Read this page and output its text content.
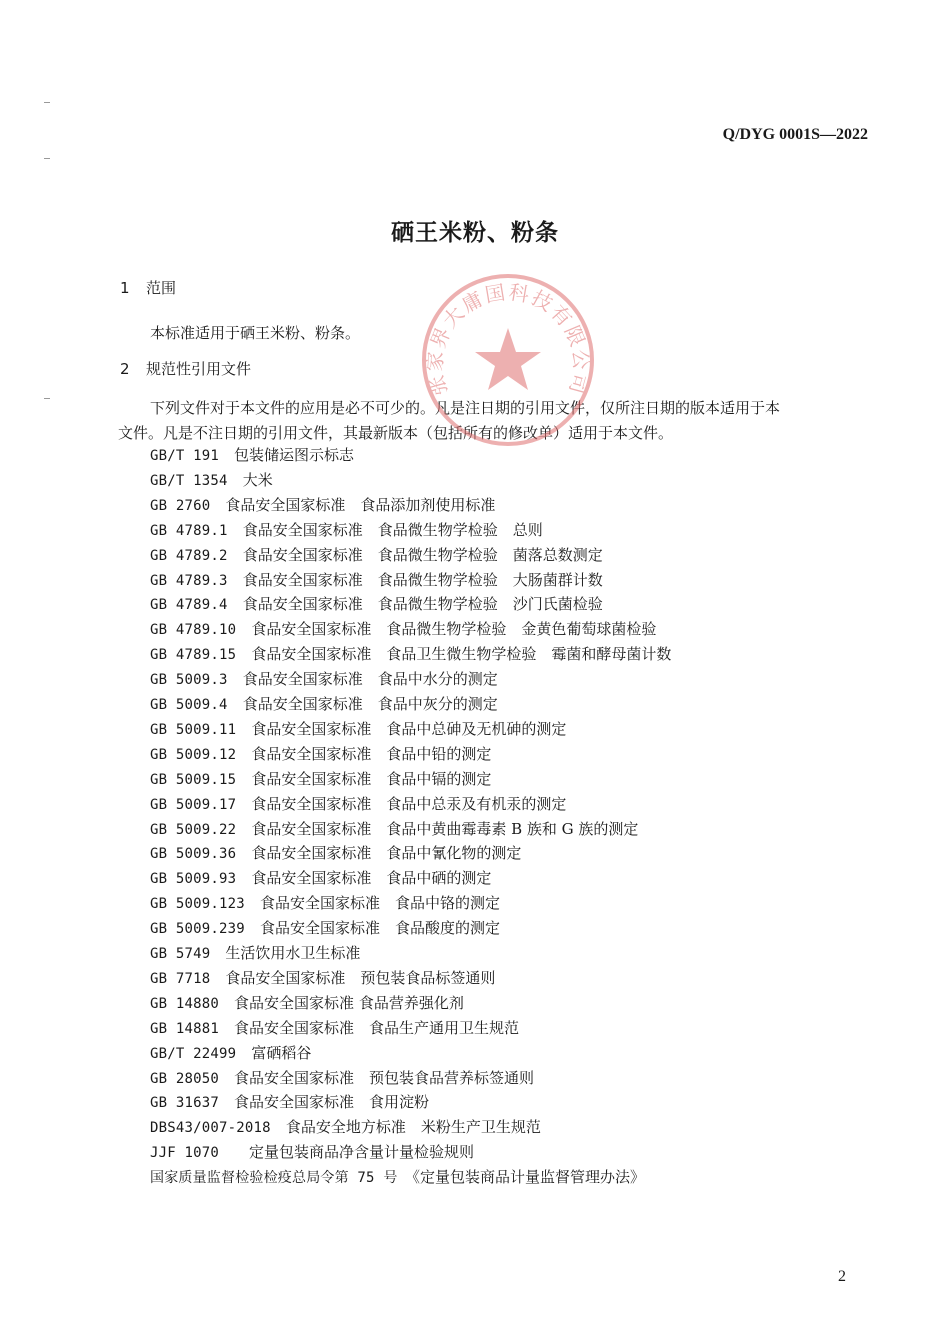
Q/DYG 0001S—2022
硒王米粉、粉条
1 范围
本标准适用于硒王米粉、粉条。
2 规范性引用文件
下列文件对于本文件的应用是必不可少的。凡是注日期的引用文件，仅所注日期的版本适用于本
文件。凡是不注日期的引用文件，其最新版本（包括所有的修改单）适用于本文件。
GB/T 191　 包装储运图示标志
GB/T 1354　 大米
GB 2760　 食品安全国家标准　食品添加剂使用标准
GB 4789.1　 食品安全国家标准　食品微生物学检验　总则
GB 4789.2　 食品安全国家标准　食品微生物学检验　菌落总数测定
GB 4789.3　 食品安全国家标准　食品微生物学检验　大肠菌群计数
GB 4789.4　 食品安全国家标准　食品微生物学检验　沙门氏菌检验
GB 4789.10　 食品安全国家标准　食品微生物学检验　金黄色葡萄球菌检验
GB 4789.15　 食品安全国家标准　食品卫生微生物学检验　霉菌和酵母菌计数
GB 5009.3　 食品安全国家标准　食品中水分的测定
GB 5009.4　 食品安全国家标准　食品中灰分的测定
GB 5009.11　 食品安全国家标准　食品中总砷及无机砷的测定
GB 5009.12　 食品安全国家标准　食品中铅的测定
GB 5009.15　 食品安全国家标准　食品中镉的测定
GB 5009.17　 食品安全国家标准　食品中总汞及有机汞的测定
GB 5009.22　 食品安全国家标准　食品中黄曲霉毒素 B 族和 G 族的测定
GB 5009.36　 食品安全国家标准　食品中氰化物的测定
GB 5009.93　 食品安全国家标准　食品中硒的测定
GB 5009.123　 食品安全国家标准　食品中铬的测定
GB 5009.239　 食品安全国家标准　食品酸度的测定
GB 5749　 生活饮用水卫生标准
GB 7718　 食品安全国家标准　预包装食品标签通则
GB 14880　 食品安全国家标准 食品营养强化剂
GB 14881　 食品安全国家标准　食品生产通用卫生规范
GB/T 22499　 富硒稻谷
GB 28050　 食品安全国家标准　预包装食品营养标签通则
GB 31637　 食品安全国家标准　食用淀粉
DBS43/007-2018　 食品安全地方标准　米粉生产卫生规范
JJF 1070　　定量包装商品净含量计量检验规则
国家质量监督检验检疫总局令第 75 号　 《定量包装商品计量监督管理办法》
张家界大庸国科技有限公司
2
